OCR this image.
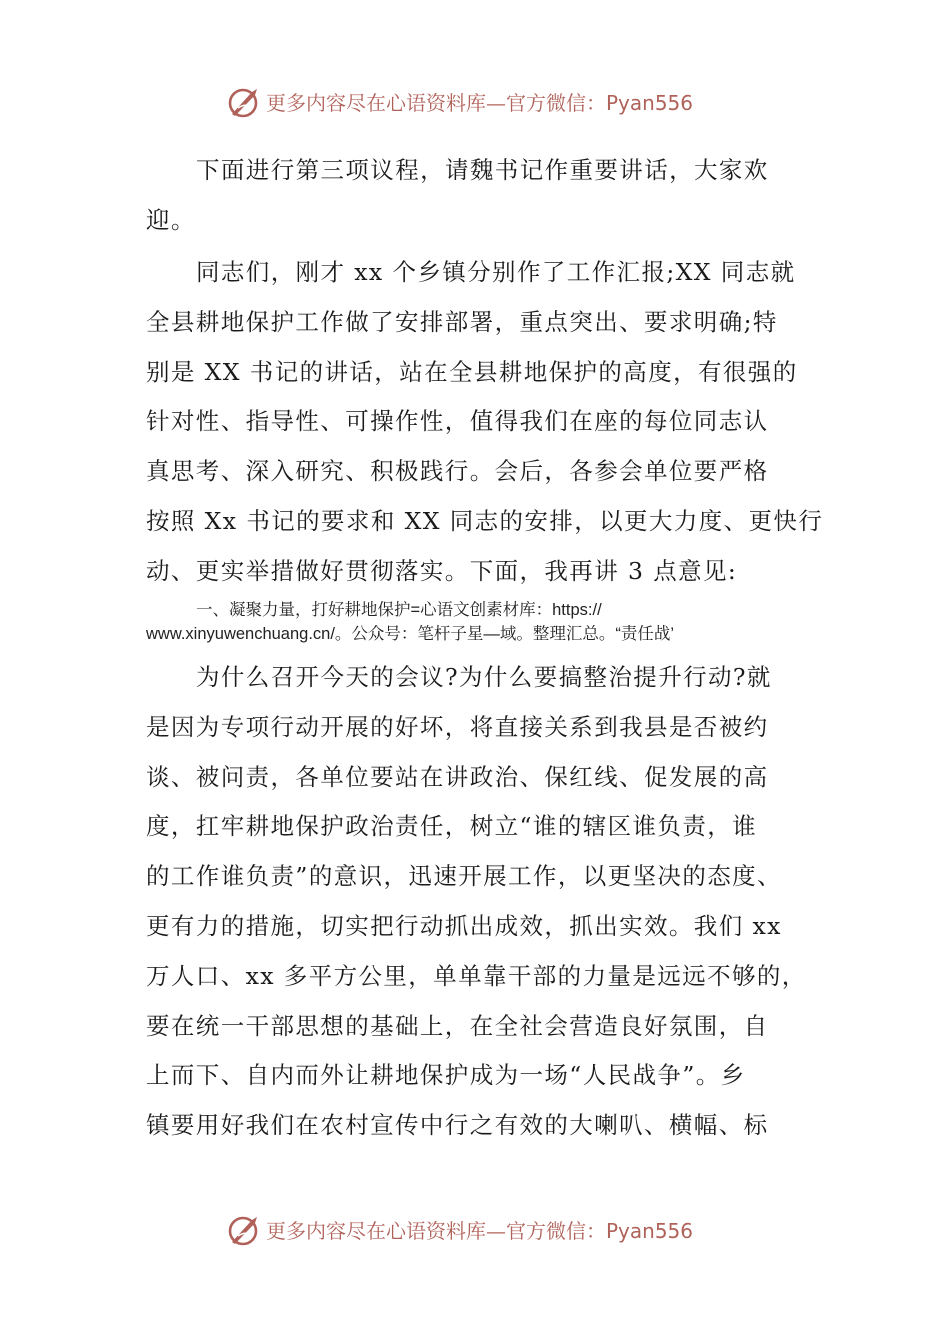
更多内容尽在心语资料库—官方微信：Pyan556
下面进行第三项议程，请魏书记作重要讲话，大家欢
迎。
同志们，刚才 xx 个乡镇分别作了工作汇报;XX 同志就
全县耕地保护工作做了安排部署，重点突出、要求明确;特
别是 XX 书记的讲话，站在全县耕地保护的高度，有很强的
针对性、指导性、可操作性，值得我们在座的每位同志认
真思考、深入研究、积极践行。会后，各参会单位要严格
按照 Xx 书记的要求和 XX 同志的安排，以更大力度、更快行
动、更实举措做好贯彻落实。下面，我再讲 3 点意见:
一、凝聚力量，打好耕地保护=心语文创素材库：https://
www.xinyuwenchuang.cn/。公众号：笔杆子星—域。整理汇总。“责任战’
为什么召开今天的会议?为什么要搞整治提升行动?就
是因为专项行动开展的好坏，将直接关系到我县是否被约
谈、被问责，各单位要站在讲政治、保红线、促发展的高
度，扛牢耕地保护政治责任，树立“谁的辖区谁负责，谁
的工作谁负责”的意识，迅速开展工作，以更坚决的态度、
更有力的措施，切实把行动抓出成效，抓出实效。我们 xx
万人口、xx 多平方公里，单单靠干部的力量是远远不够的，
要在统一干部思想的基础上，在全社会营造良好氛围，自
上而下、自内而外让耕地保护成为一场“人民战争”。乡
镇要用好我们在农村宣传中行之有效的大喇叭、横幅、标
更多内容尽在心语资料库—官方微信：Pyan556
